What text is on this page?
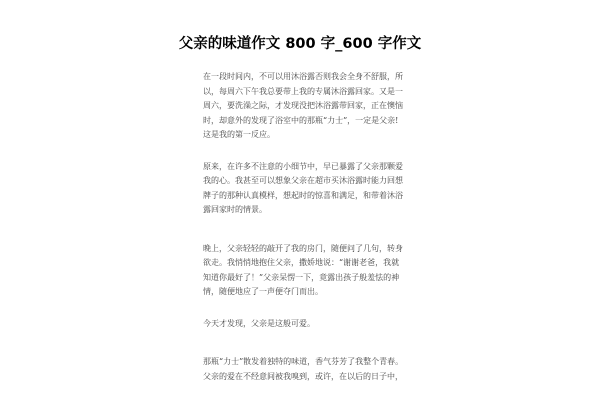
父亲的味道作文 800 字_600 字作文
在一段时间内，不可以用沐浴露否则我会全身不舒服，所
以，每周六下午我总要带上我的专属沐浴露回家。又是一
周六，要洗澡之际，才发现没把沐浴露带回家，正在懊恼
时，却意外的发现了浴室中的那瓶“力士”，一定是父亲!
这是我的第一反应。
原来，在许多不注意的小细节中，早已暴露了父亲那颗爱
我的心。我甚至可以想象父亲在超市买沐浴露时能力回想
牌子的那种认真模样，想起时的惊喜和满足，和带着沐浴
露回家时的情景。
晚上，父亲轻轻的敲开了我的房门，随便问了几句，转身
欲走。我悄悄地抱住父亲，撒娇地说：“谢谢老爸，我就
知道你最好了！”父亲呆愣一下，竟露出孩子般羞怯的神
情，随便地应了一声便夺门而出。
今天才发现，父亲是这般可爱。
那瓶“力士”散发着独特的味道，香气芬芳了我整个青春。
父亲的爱在不经意间被我嗅到，或许，在以后的日子中，
